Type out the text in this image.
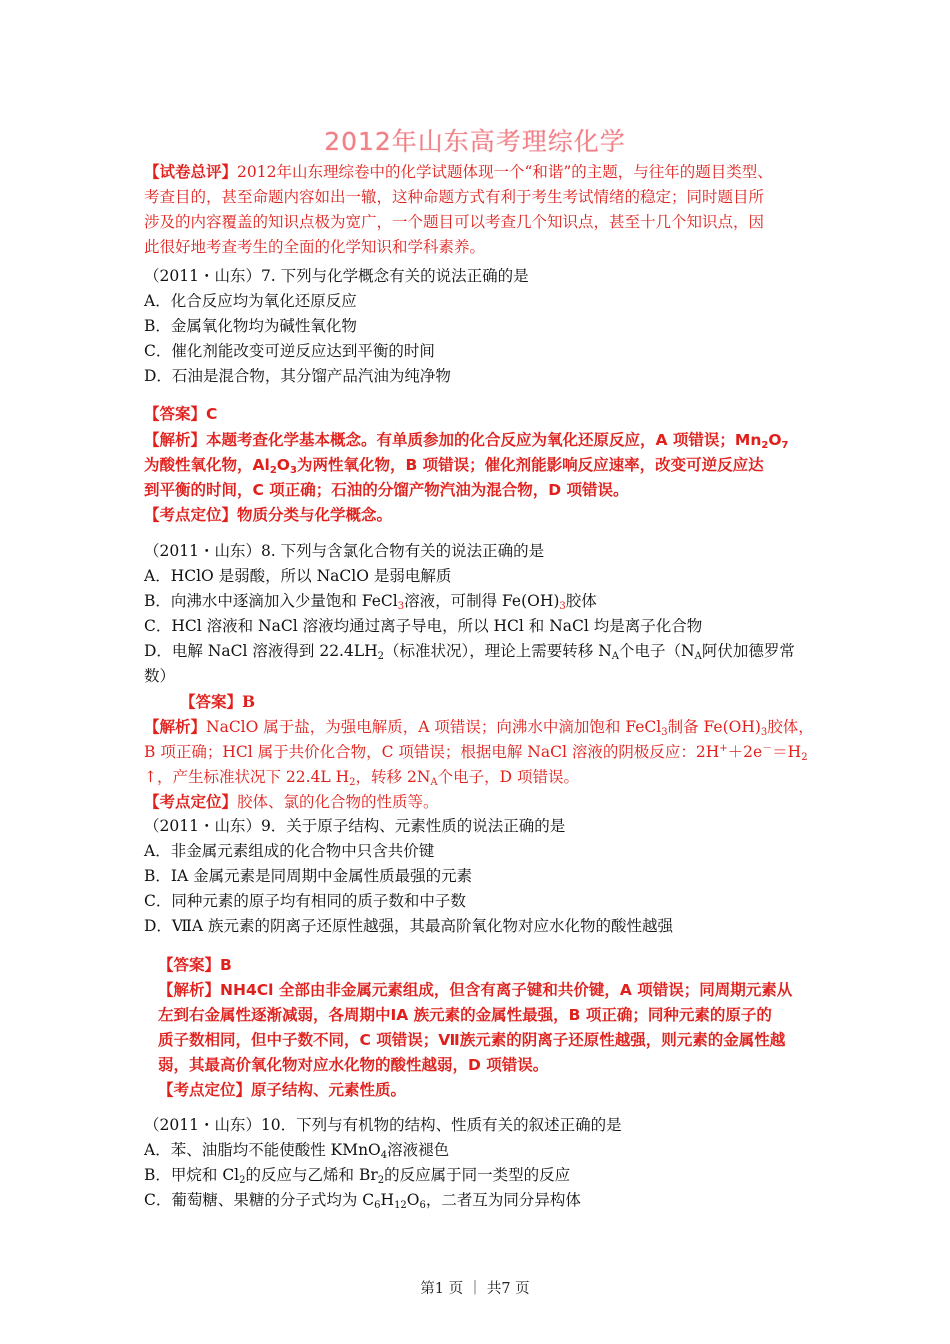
2012年山东高考理综化学
【试卷总评】2012年山东理综卷中的化学试题体现一个“和谐”的主题，与往年的题目类型、
考查目的，甚至命题内容如出一辙，这种命题方式有利于考生考试情绪的稳定；同时题目所
涉及的内容覆盖的知识点极为宽广，一个题目可以考查几个知识点，甚至十几个知识点，因
此很好地考查考生的全面的化学知识和学科素养。
（2011・山东）7. 下列与化学概念有关的说法正确的是
A．化合反应均为氧化还原反应
B．金属氧化物均为碱性氧化物
C．催化剂能改变可逆反应达到平衡的时间
D．石油是混合物，其分馏产品汽油为纯净物
【答案】C
【解析】本题考查化学基本概念。有单质参加的化合反应为氧化还原反应，A 项错误；$Mn_2O_7$
为酸性氧化物，$Al_2O_3$为两性氧化物，B 项错误；催化剂能影响反应速率，改变可逆反应达
到平衡的时间，C 项正确；石油的分馏产物汽油为混合物，D 项错误。
【考点定位】物质分类与化学概念。
（2011・山东）8. 下列与含氯化合物有关的说法正确的是
A．HClO 是弱酸，所以 NaClO 是弱电解质
B．向沸水中逐滴加入少量饱和 FeCl$_3$溶液，可制得 $Fe(OH)_3$胶体
C．HCl 溶液和 NaCl 溶液均通过离子导电，所以 HCl 和 NaCl 均是离子化合物
D．电解 NaCl 溶液得到 $22.4LH_2$（标准状况），理论上需要转移 $N_A$个电子（$N_A$阿伏加德罗常
数）
【答案】B
【解析】NaClO 属于盐，为强电解质，A 项错误；向沸水中滴加饱和 FeCl$_3$制备 $Fe(OH)_3$胶体，
B 项正确；HCl 属于共价化合物，C 项错误；根据电解 NaCl 溶液的阴极反应：$2H^++2e^-=H_2$
↑，产生标准状况下 22.4L $H_2$，转移 $2N_A$个电子，D 项错误。
【考点定位】胶体、氯的化合物的性质等。
（2011・山东）9．关于原子结构、元素性质的说法正确的是
A．非金属元素组成的化合物中只含共价键
B．ⅠA 金属元素是同周期中金属性质最强的元素
C．同种元素的原子均有相同的质子数和中子数
D．ⅦA 族元素的阴离子还原性越强，其最高阶氧化物对应水化物的酸性越强
【答案】B
【解析】NH4Cl 全部由非金属元素组成，但含有离子键和共价键，A 项错误；同周期元素从
左到右金属性逐渐减弱，各周期中ⅠA 族元素的金属性最强，B 项正确；同种元素的原子的
质子数相同，但中子数不同，C 项错误；Ⅶ族元素的阴离子还原性越强，则元素的金属性越
弱，其最高价氧化物对应水化物的酸性越弱，D 项错误。
【考点定位】原子结构、元素性质。
（2011・山东）10．下列与有机物的结构、性质有关的叙述正确的是
A．苯、油脂均不能使酸性 KMnO$_4$溶液褪色
B．甲烷和 $Cl_2$的反应与乙烯和 $Br_2$的反应属于同一类型的反应
C．葡萄糖、果糖的分子式均为 $C_6H_{12}O_6$，二者互为同分异构体
第1 页 ｜ 共7 页
